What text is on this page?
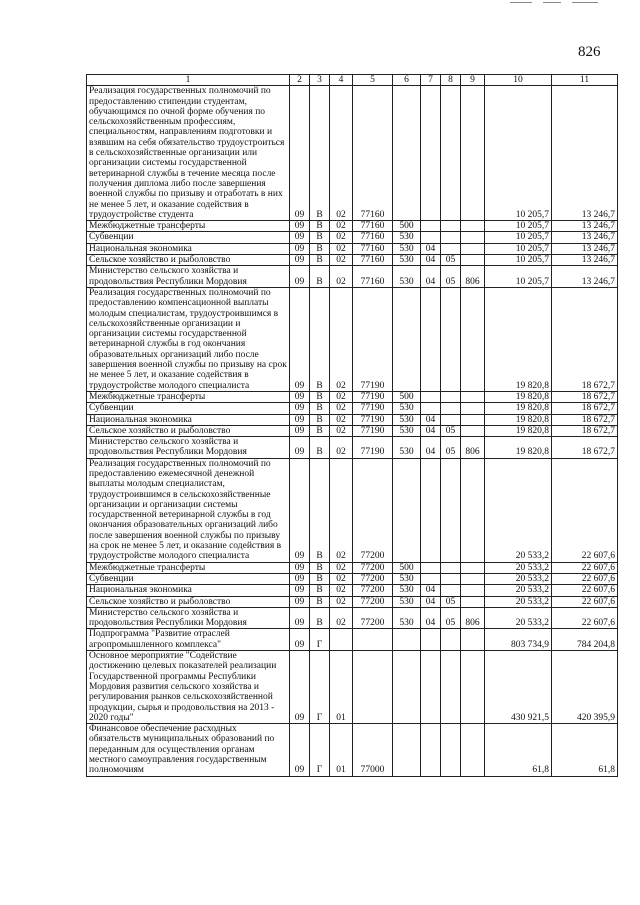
826
1	2	3	4	5	6	7	8	9	10	11
Реализация государственных полномочий по предоставлению стипендии студентам, обучающимся по очной форме обучения по сельскохозяйственным профессиям, специальностям, направлениям подготовки и взявшим на себя обязательство трудоустроиться в сельскохозяйственные организации или организации системы государственной ветеринарной службы в течение месяца после получения диплома либо после завершения военной службы по призыву и отработать в них не менее 5 лет, и оказание содействия в трудоустройстве студента	09	В	02	77160					10 205,7	13 246,7
Межбюджетные трансферты	09	В	02	77160	500				10 205,7	13 246,7
Субвенции	09	В	02	77160	530				10 205,7	13 246,7
Национальная экономика	09	В	02	77160	530	04			10 205,7	13 246,7
Сельское хозяйство и рыболовство	09	В	02	77160	530	04	05		10 205,7	13 246,7
Министерство сельского хозяйства и продовольствия Республики Мордовия	09	В	02	77160	530	04	05	806	10 205,7	13 246,7
Реализация государственных полномочий по предоставлению компенсационной выплаты молодым специалистам, трудоустроившимся в сельскохозяйственные организации и организации системы государственной ветеринарной службы в год окончания образовательных организаций либо после завершения военной службы по призыву на срок не менее 5 лет, и оказание содействия в трудоустройстве молодого специалиста	09	В	02	77190					19 820,8	18 672,7
Межбюджетные трансферты	09	В	02	77190	500				19 820,8	18 672,7
Субвенции	09	В	02	77190	530				19 820,8	18 672,7
Национальная экономика	09	В	02	77190	530	04			19 820,8	18 672,7
Сельское хозяйство и рыболовство	09	В	02	77190	530	04	05		19 820,8	18 672,7
Министерство сельского хозяйства и продовольствия Республики Мордовия	09	В	02	77190	530	04	05	806	19 820,8	18 672,7
Реализация государственных полномочий по предоставлению ежемесячной денежной выплаты молодым специалистам, трудоустроившимся в сельскохозяйственные организации и организации системы государственной ветеринарной службы в год окончания образовательных организаций либо после завершения военной службы по призыву на срок не менее 5 лет, и оказание содействия в трудоустройстве молодого специалиста	09	В	02	77200					20 533,2	22 607,6
Межбюджетные трансферты	09	В	02	77200	500				20 533,2	22 607,6
Субвенции	09	В	02	77200	530				20 533,2	22 607,6
Национальная экономика	09	В	02	77200	530	04			20 533,2	22 607,6
Сельское хозяйство и рыболовство	09	В	02	77200	530	04	05		20 533,2	22 607,6
Министерство сельского хозяйства и продовольствия Республики Мордовия	09	В	02	77200	530	04	05	806	20 533,2	22 607,6
Подпрограмма "Развитие отраслей агропромышленного комплекса"	09	Г							803 734,9	784 204,8
Основное мероприятие "Содействие достижению целевых показателей реализации Государственной программы Республики Мордовия развития сельского хозяйства и регулирования рынков сельскохозяйственной продукции, сырья и продовольствия на 2013 - 2020 годы"	09	Г	01						430 921,5	420 395,9
Финансовое обеспечение расходных обязательств муниципальных образований по переданным для осуществления органам местного самоуправления государственным полномочиям	09	Г	01	77000					61,8	61,8
